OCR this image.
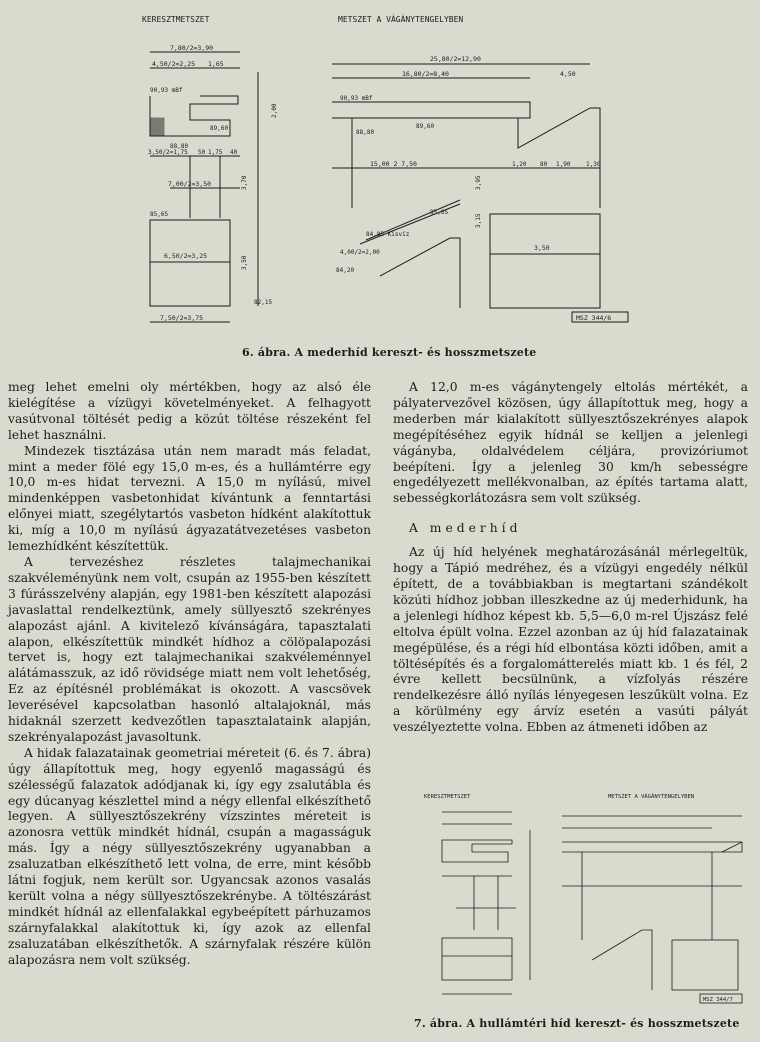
KERESZTMETSZET	METSZET A VÁGÁNYTENGELYBEN
7,80/2=3,90
4,50/2=2,25 1,65
90,93 mBf
88,80
89,60
3,50/2=1,75 50 1,75 40
7,00/2=3,50
85,65
6,50/2=3,25
82,15
7,50/2=3,75
3,70
3,50
2,00
25,80/2=12,90
16,80/2=8,40	4,50
90,93 mBf
88,80
89,60
15,00 2 7,50	1,20 80 1,90	1,30
85,65
84,85 Kisvíz
4,00/2=2,00
84,20
3,50
3,95
3,15
MSZ 344/6
6. ábra. A mederhíd kereszt- és hosszmetszete

meg lehet emelni oly mértékben, hogy az alsó éle kielégítése a vízügyi követelményeket. A felhagyott vasútvonal töltését pedig a közút töltése részeként fel lehet használni.

Mindezek tisztázása után nem maradt más feladat, mint a meder fölé egy 15,0 m-es, és a hullámtérre egy 10,0 m-es hidat tervezni. A 15,0 m nyílású, mivel mindenképpen vasbetonhidat kívántunk a fenntartási előnyei miatt, szegélytartós vasbeton hídként alakítottuk ki, míg a 10,0 m nyílású ágyazatátvezetéses vasbeton lemezhídként készítettük.

A tervezéshez részletes talajmechanikai szakvéleményünk nem volt, csupán az 1955-ben készített 3 fúrásszelvény alapján, egy 1981-ben készített alapozási javaslattal rendelkeztünk, amely süllyesztő szekrényes alapozást ajánl. A kivitelező kívánságára, tapasztalati alapon, elkészítettük mindkét hídhoz a cölöpalapozási tervet is, hogy ezt talajmechanikai szakvéleménnyel alátámasszuk, az idő rövidsége miatt nem volt lehetőség, Ez az építésnél problémákat is okozott. A vascsövek leverésével kapcsolatban hasonló altalajoknál, más hidaknál szerzett kedvezőtlen tapasztalataink alapján, szekrényalapozást javasoltunk.

A hidak falazatainak geometriai méreteit (6. és 7. ábra) úgy állapítottuk meg, hogy egyenlő magasságú és szélességű falazatok adódjanak ki, így egy zsalutábla és egy dúcanyag készlettel mind a négy ellenfal elkészíthető legyen. A süllyesztőszekrény vízszintes méreteit is azonosra vettük mindkét hídnál, csupán a magasságuk más. Így a négy süllyesztőszekrény ugyanabban a zsaluzatban elkészíthető lett volna, de erre, mint később látni fogjuk, nem került sor. Ugyancsak azonos vasalás került volna a négy süllyesztőszekrénybe. A töltészárást mindkét hídnál az ellenfalakkal egybeépített párhuzamos szárnyfalakkal alakítottuk ki, így azok az ellenfal zsaluzatában elkészíthetők. A szárnyfalak részére külön alapozásra nem volt szükség.

A 12,0 m-es vágánytengely eltolás mértékét, a pályatervezővel közösen, úgy állapítottuk meg, hogy a mederben már kialakított süllyesztőszekrényes alapok megépítéséhez egyik hídnál se kelljen a jelenlegi vágányba, oldalvédelem céljára, provizóriumot beépíteni. Így a jelenleg 30 km/h sebességre engedélyezett mellékvonalban, az építés tartama alatt, sebességkorlátozásra sem volt szükség.

A mederhíd

Az új híd helyének meghatározásánál mérlegeltük, hogy a Tápió medréhez, és a vízügyi engedély nélkül épített, de a továbbiakban is megtartani szándékolt közúti hídhoz jobban illeszkedne az új mederhidunk, ha a jelenlegi hídhoz képest kb. 5,5—6,0 m-rel Újszász felé eltolva épült volna. Ezzel azonban az új híd falazatainak megépülése, és a régi híd elbontása közti időben, amit a töltésépítés és a forgalomátterelés miatt kb. 1 és fél, 2 évre kellett becsülnünk, a vízfolyás részére rendelkezésre álló nyílás lényegesen leszűkült volna. Ez a körülmény egy árvíz esetén a vasúti pályát veszélyeztette volna. Ebben az átmeneti időben az

KERESZTMETSZET	METSZET A VÁGÁNYTENGELYBEN
MSZ 344/7
7. ábra. A hullámtéri híd kereszt- és hosszmetszete
